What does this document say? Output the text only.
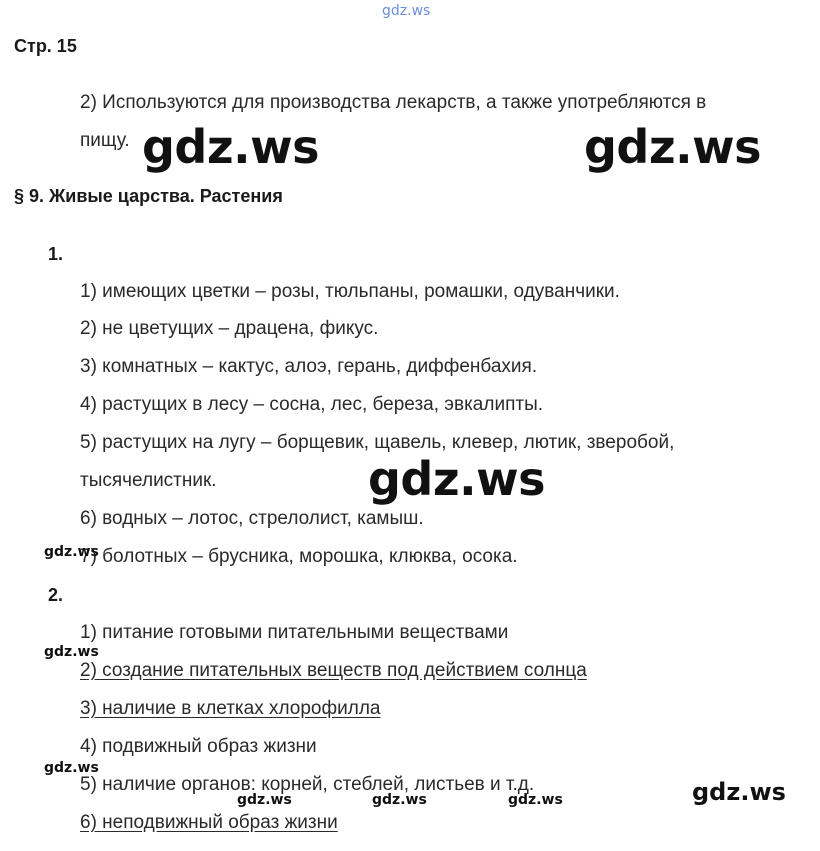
gdz.ws
Стр. 15
2) Используются для производства лекарств, а также употребляются в
пищу. gdz.ws	gdz.ws
§ 9. Живые царства. Растения
1.
1) имеющих цветки – розы, тюльпаны, ромашки, одуванчики.
2) не цветущих – драцена, фикус.
3) комнатных – кактус, алоэ, герань, диффенбахия.
4) растущих в лесу – сосна, лес, береза, эвкалипты.
5) растущих на лугу – борщевик, щавель, клевер, лютик, зверобой,
тысячелистник.
6) водных – лотос, стрелолист, камыш.
7) болотных – брусника, морошка, клюква, осока.
gdz.ws
gdz.ws
2.
1) питание готовыми питательными веществами
2) создание питательных веществ под действием солнца
3) наличие в клетках хлорофилла
4) подвижный образ жизни
5) наличие органов: корней, стеблей, листьев и т.д.
6) неподвижный образ жизни
gdz.ws
gdz.ws
gdz.ws	gdz.ws	gdz.ws	gdz.ws
